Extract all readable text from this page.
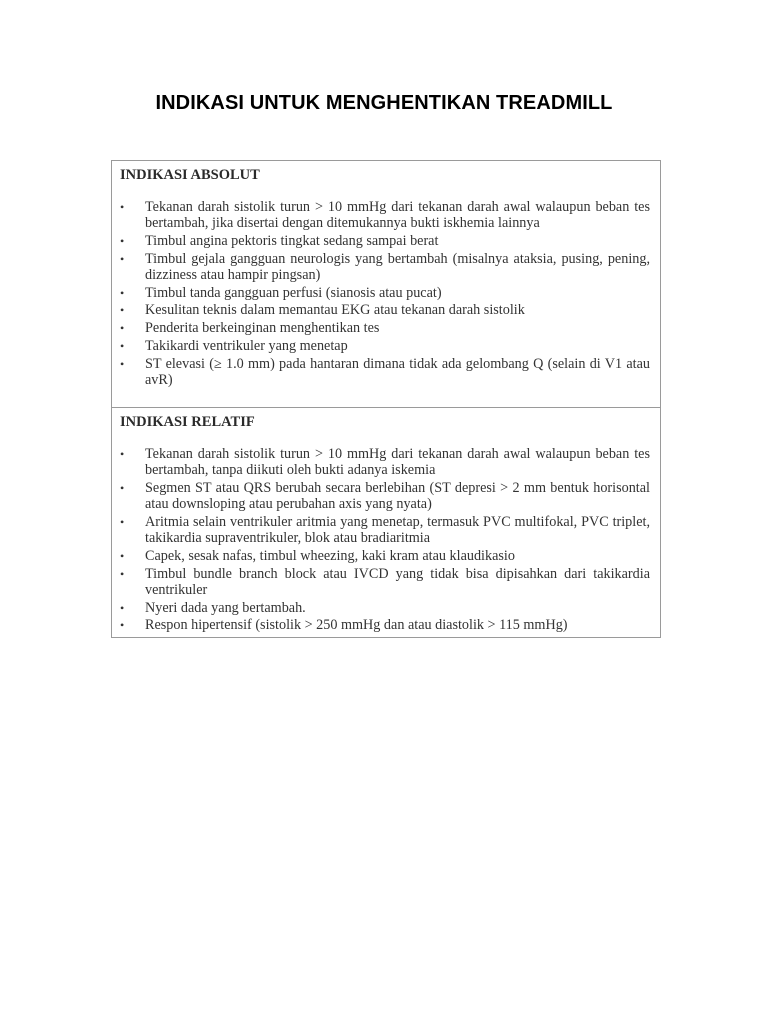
INDIKASI UNTUK MENGHENTIKAN TREADMILL
INDIKASI ABSOLUT
• Tekanan darah sistolik turun > 10 mmHg dari tekanan darah awal walaupun beban tes bertambah, jika disertai dengan ditemukannya bukti iskhemia lainnya
• Timbul angina pektoris tingkat sedang sampai berat
• Timbul gejala gangguan neurologis yang bertambah (misalnya ataksia, pusing, pening, dizziness atau hampir pingsan)
• Timbul tanda gangguan perfusi (sianosis atau pucat)
• Kesulitan teknis dalam memantau EKG atau tekanan darah sistolik
• Penderita berkeinginan menghentikan tes
• Takikardi ventrikuler yang menetap
• ST elevasi (≥ 1.0 mm) pada hantaran dimana tidak ada gelombang Q (selain di V1 atau avR)
INDIKASI RELATIF
• Tekanan darah sistolik turun > 10 mmHg dari tekanan darah awal walaupun beban tes bertambah, tanpa diikuti oleh bukti adanya iskemia
• Segmen ST atau QRS berubah secara berlebihan (ST depresi > 2 mm bentuk horisontal atau downsloping atau perubahan axis yang nyata)
• Aritmia selain ventrikuler aritmia yang menetap, termasuk PVC multifokal, PVC triplet, takikardia supraventrikuler, blok atau bradiaritmia
• Capek, sesak nafas, timbul wheezing, kaki kram atau klaudikasio
• Timbul bundle branch block atau IVCD yang tidak bisa dipisahkan dari takikardia ventrikuler
• Nyeri dada yang bertambah.
• Respon hipertensif (sistolik > 250 mmHg dan atau diastolik > 115 mmHg)
